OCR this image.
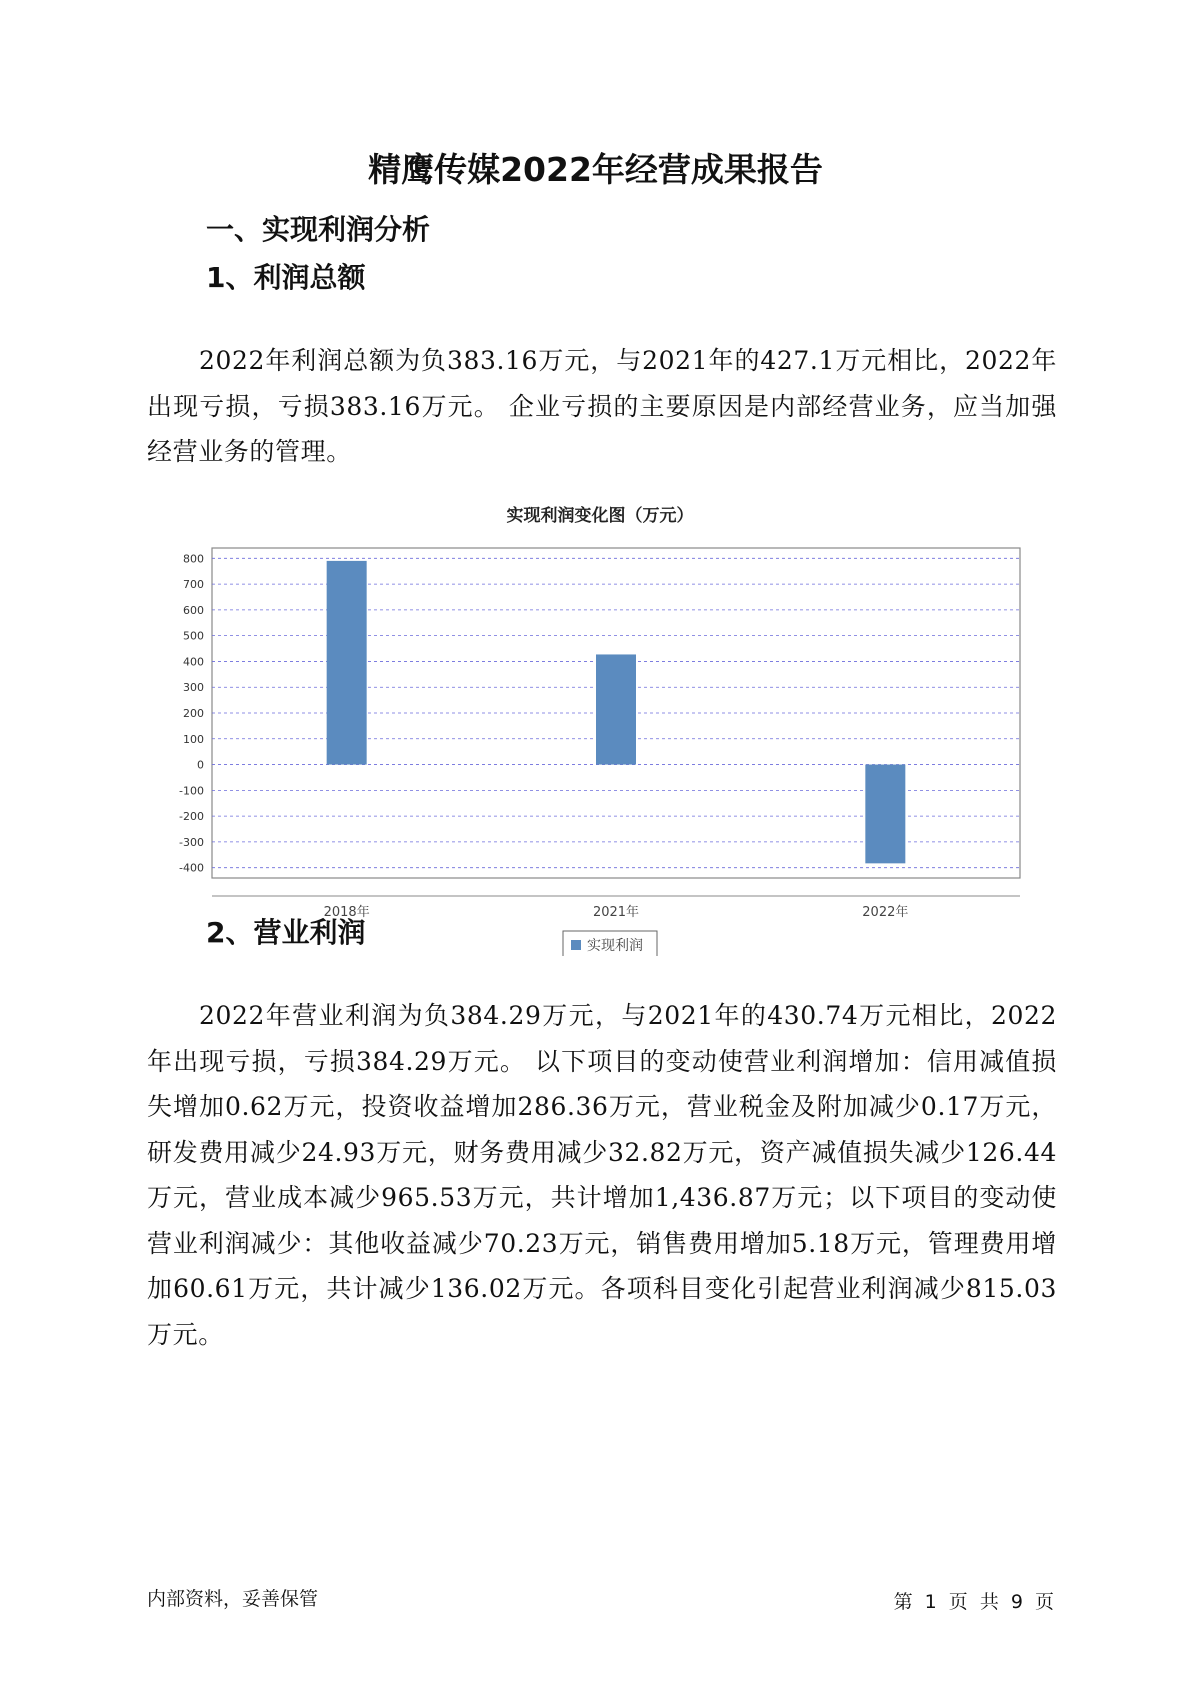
精鹰传媒2022年经营成果报告
一、实现利润分析
1、利润总额

2022年利润总额为负383.16万元，与2021年的427.1万元相比，2022年出现亏损，亏损383.16万元。 企业亏损的主要原因是内部经营业务，应当加强经营业务的管理。

实现利润变化图（万元）
800
700
600
500
400
300
200
100
0
-100
-200
-300
-400
2018年	2021年	2022年
实现利润
2、营业利润

2022年营业利润为负384.29万元，与2021年的430.74万元相比，2022年出现亏损，亏损384.29万元。 以下项目的变动使营业利润增加：信用减值损失增加0.62万元，投资收益增加286.36万元，营业税金及附加减少0.17万元，研发费用减少24.93万元，财务费用减少32.82万元，资产减值损失减少126.44万元，营业成本减少965.53万元，共计增加1,436.87万元；以下项目的变动使营业利润减少：其他收益减少70.23万元，销售费用增加5.18万元，管理费用增加60.61万元，共计减少136.02万元。各项科目变化引起营业利润减少815.03万元。

内部资料，妥善保管	第 1 页 共 9 页
